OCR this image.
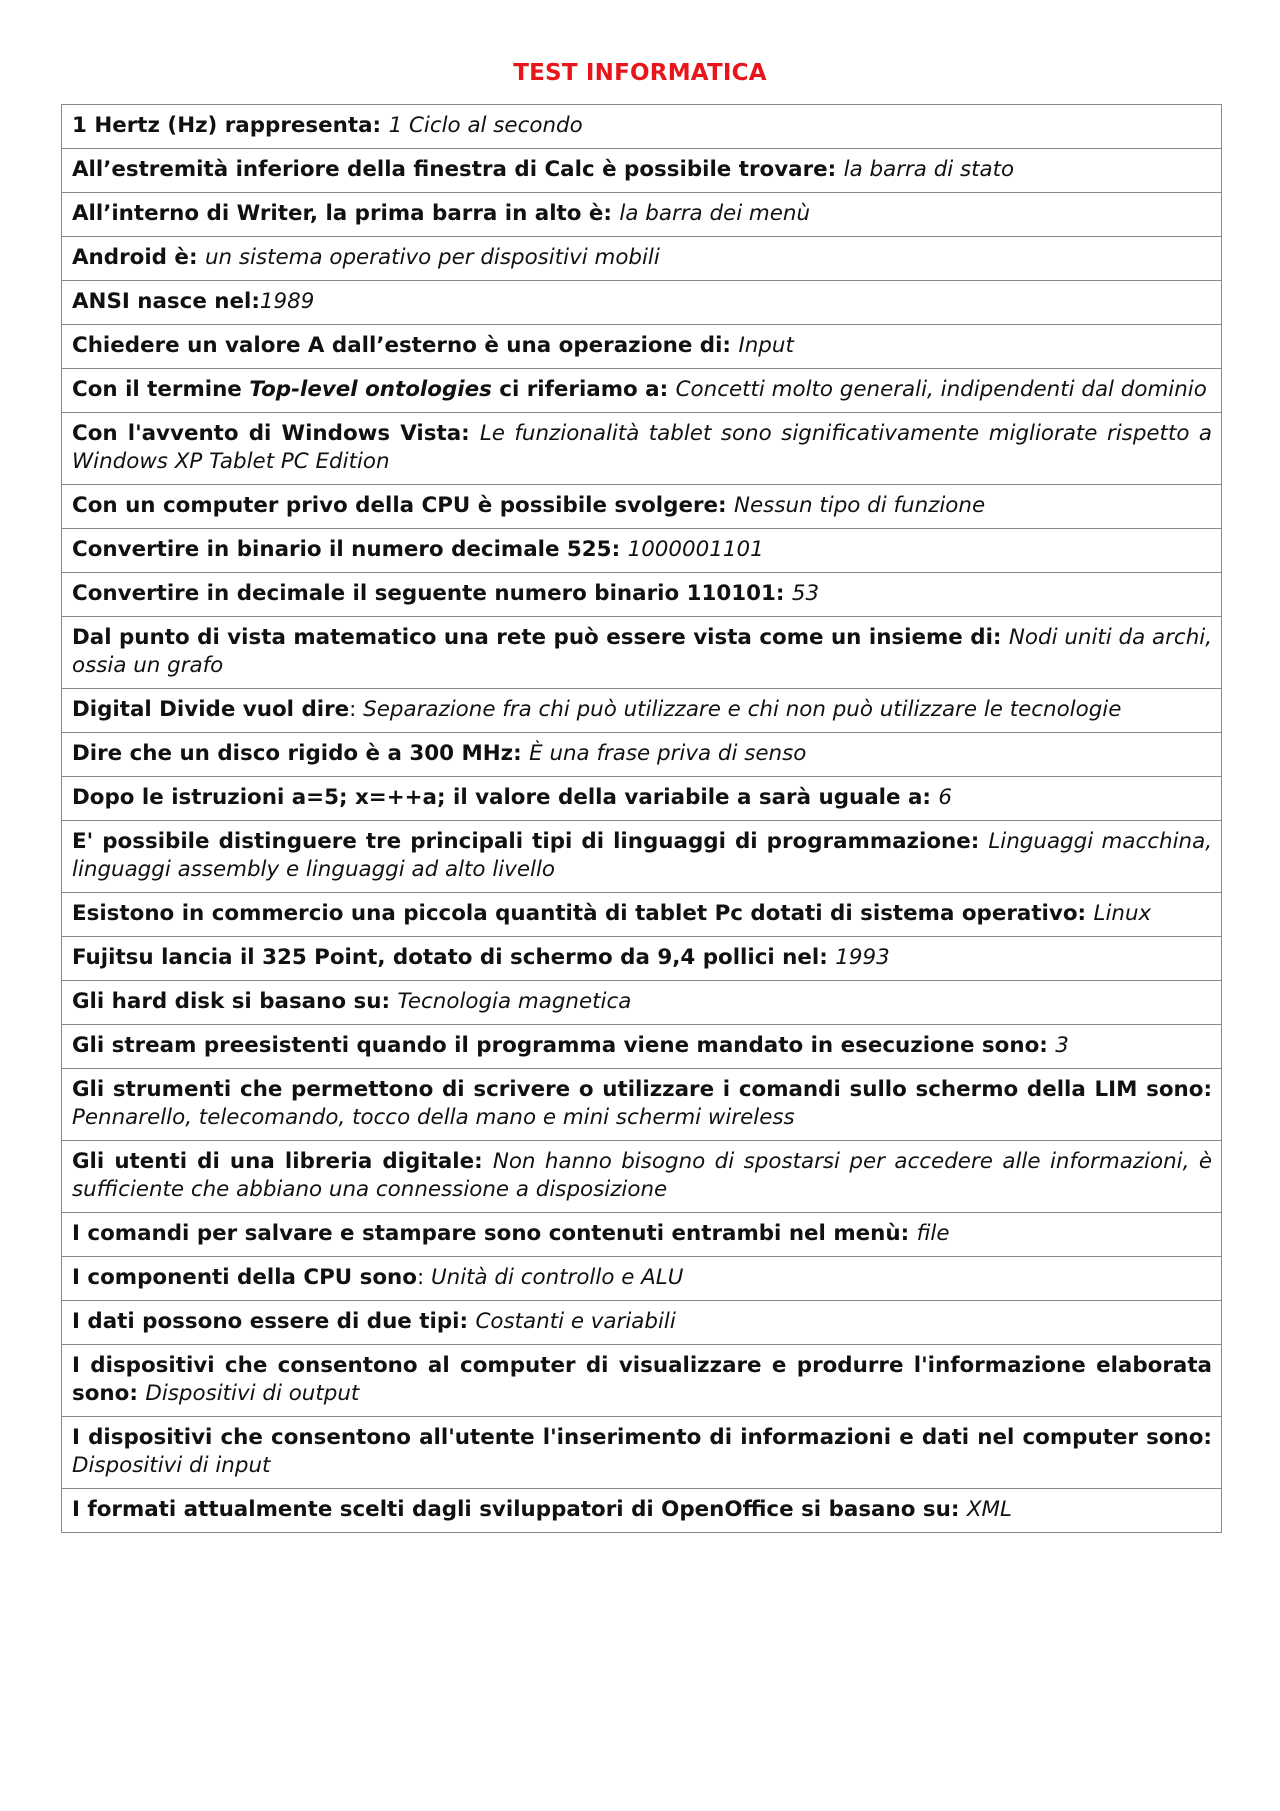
TEST INFORMATICA
1 Hertz (Hz) rappresenta: 1 Ciclo al secondo
All’estremità inferiore della finestra di Calc è possibile trovare: la barra di stato
All’interno di Writer, la prima barra in alto è: la barra dei menù
Android è: un sistema operativo per dispositivi mobili
ANSI nasce nel:1989
Chiedere un valore A dall’esterno è una operazione di: Input
Con il termine Top-level ontologies ci riferiamo a: Concetti molto generali, indipendenti dal dominio
Con l'avvento di Windows Vista: Le funzionalità tablet sono significativamente migliorate rispetto a Windows XP Tablet PC Edition
Con un computer privo della CPU è possibile svolgere: Nessun tipo di funzione
Convertire in binario il numero decimale 525: 1000001101
Convertire in decimale il seguente numero binario 110101: 53
Dal punto di vista matematico una rete può essere vista come un insieme di: Nodi uniti da archi, ossia un grafo
Digital Divide vuol dire: Separazione fra chi può utilizzare e chi non può utilizzare le tecnologie
Dire che un disco rigido è a 300 MHz: È una frase priva di senso
Dopo le istruzioni a=5; x=++a; il valore della variabile a sarà uguale a: 6
E' possibile distinguere tre principali tipi di linguaggi di programmazione: Linguaggi macchina, linguaggi assembly e linguaggi ad alto livello
Esistono in commercio una piccola quantità di tablet Pc dotati di sistema operativo: Linux
Fujitsu lancia il 325 Point, dotato di schermo da 9,4 pollici nel: 1993
Gli hard disk si basano su: Tecnologia magnetica
Gli stream preesistenti quando il programma viene mandato in esecuzione sono: 3
Gli strumenti che permettono di scrivere o utilizzare i comandi sullo schermo della LIM sono: Pennarello, telecomando, tocco della mano e mini schermi wireless
Gli utenti di una libreria digitale: Non hanno bisogno di spostarsi per accedere alle informazioni, è sufficiente che abbiano una connessione a disposizione
I comandi per salvare e stampare sono contenuti entrambi nel menù: file
I componenti della CPU sono: Unità di controllo e ALU
I dati possono essere di due tipi: Costanti e variabili
I dispositivi che consentono al computer di visualizzare e produrre l'informazione elaborata sono: Dispositivi di output
I dispositivi che consentono all'utente l'inserimento di informazioni e dati nel computer sono: Dispositivi di input
I formati attualmente scelti dagli sviluppatori di OpenOffice si basano su: XML
